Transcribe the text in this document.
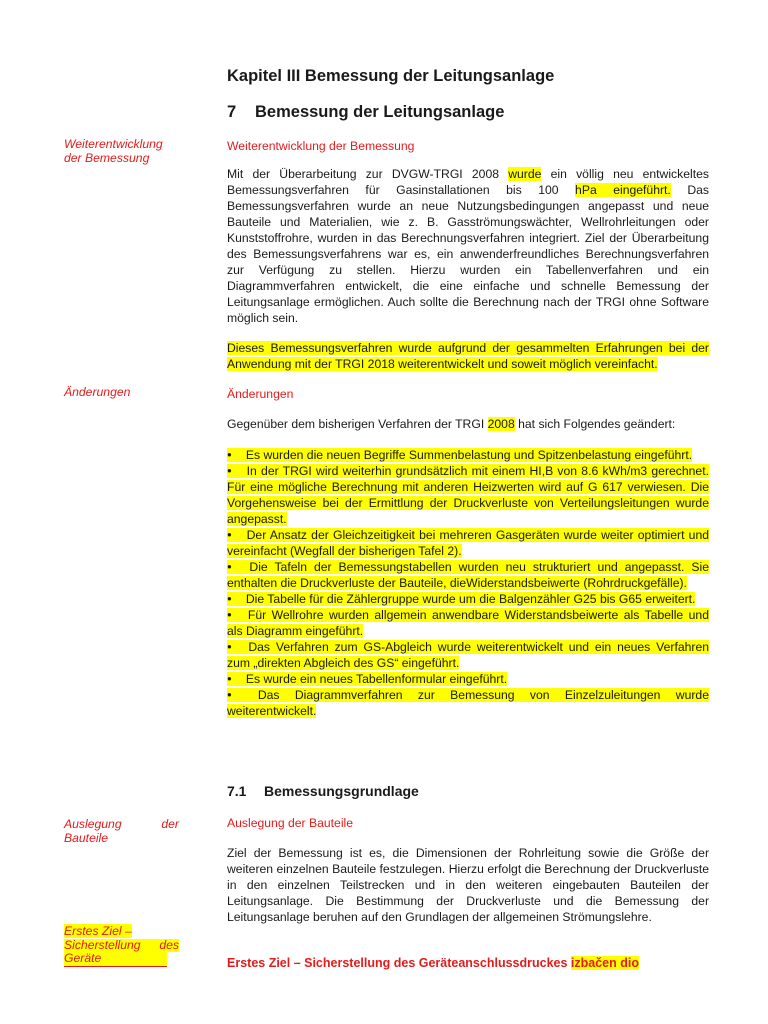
Kapitel III Bemessung der Leitungsanlage
7 Bemessung der Leitungsanlage
Weiterentwicklung der Bemessung
Weiterentwicklung der Bemessung

Mit der Überarbeitung zur DVGW-TRGI 2008 wurde ein völlig neu entwickeltes Bemessungsverfahren für Gasinstallationen bis 100 hPa eingeführt. Das Bemessungsverfahren wurde an neue Nutzungsbedingungen angepasst und neue Bauteile und Materialien, wie z. B. Gasströmungswächter, Wellrohrleitungen oder Kunststoffrohre, wurden in das Berechnungsverfahren integriert. Ziel der Überarbeitung des Bemessungsverfahrens war es, ein anwenderfreundliches Berechnungsverfahren zur Verfügung zu stellen. Hierzu wurden ein Tabellenverfahren und ein Diagrammverfahren entwickelt, die eine einfache und schnelle Bemessung der Leitungsanlage ermöglichen. Auch sollte die Berechnung nach der TRGI ohne Software möglich sein.

Dieses Bemessungsverfahren wurde aufgrund der gesammelten Erfahrungen bei der Anwendung mit der TRGI 2018 weiterentwickelt und soweit möglich vereinfacht.

Änderungen	Änderungen

Gegenüber dem bisherigen Verfahren der TRGI 2008 hat sich Folgendes geändert:

● Es wurden die neuen Begriffe Summenbelastung und Spitzenbelastung eingeführt.
● In der TRGI wird weiterhin grundsätzlich mit einem HI,B von 8.6 kWh/m3 gerechnet. Für eine mögliche Berechnung mit anderen Heizwerten wird auf G 617 verwiesen. Die Vorgehensweise bei der Ermittlung der Druckverluste von Verteilungsleitungen wurde angepasst.
● Der Ansatz der Gleichzeitigkeit bei mehreren Gasgeräten wurde weiter optimiert und vereinfacht (Wegfall der bisherigen Tafel 2).
● Die Tafeln der Bemessungstabellen wurden neu strukturiert und angepasst. Sie enthalten die Druckverluste der Bauteile, dieWiderstandsbeiwerte (Rohrdruckgefälle).
● Die Tabelle für die Zählergruppe wurde um die Balgenzähler G25 bis G65 erweitert.
● Für Wellrohre wurden allgemein anwendbare Widerstandsbeiwerte als Tabelle und als Diagramm eingeführt.
● Das Verfahren zum GS-Abgleich wurde weiterentwickelt und ein neues Verfahren zum „direkten Abgleich des GS“ eingeführt.
● Es wurde ein neues Tabellenformular eingeführt.
● Das Diagrammverfahren zur Bemessung von Einzelzuleitungen wurde weiterentwickelt.
7.1 Bemessungsgrundlage
Auslegung	der
Bauteile
Auslegung der Bauteile

Ziel der Bemessung ist es, die Dimensionen der Rohrleitung sowie die Größe der weiteren einzelnen Bauteile festzulegen. Hierzu erfolgt die Berechnung der Druckverluste in den einzelnen Teilstrecken und in den weiteren eingebauten Bauteilen der Leitungsanlage. Die Bestimmung der Druckverluste und die Bemessung der Leitungsanlage beruhen auf den Grundlagen der allgemeinen Strömungslehre.

Erstes Ziel –
Sicherstellung des
Geräte	Erstes Ziel – Sicherstellung des Geräteanschlussdruckes izbačen dio
